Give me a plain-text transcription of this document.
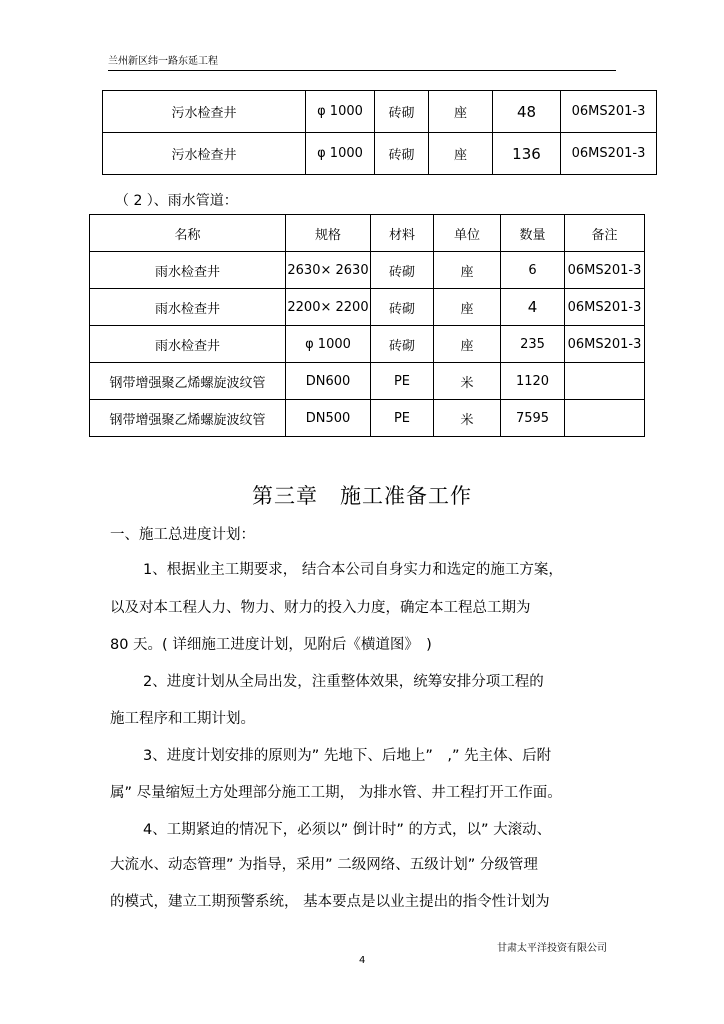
兰州新区纬一路东延工程
污水检查井	φ 1000	砖砌	座	48	06MS201-3
污水检查井	φ 1000	砖砌	座	136	06MS201-3
（ 2 ）、雨水管道：
名称	规格	材料	单位	数量	备注
雨水检查井	2630× 2630	砖砌	座	6	06MS201-3
雨水检查井	2200× 2200	砖砌	座	4	06MS201-3
雨水检查井	φ 1000	砖砌	座	235	06MS201-3
钢带增强聚乙烯螺旋波纹管	DN600	PE	米	1120	
钢带增强聚乙烯螺旋波纹管	DN500	PE	米	7595	
第三章　施工准备工作
一、施工总进度计划：
1、根据业主工期要求， 结合本公司自身实力和选定的施工方案，
以及对本工程人力、物力、财力的投入力度，确定本工程总工期为
80 天。( 详细施工进度计划，见附后《横道图》　)
2、进度计划从全局出发，注重整体效果，统筹安排分项工程的
施工程序和工期计划。
3、进度计划安排的原则为” 先地下、后地上”　,” 先主体、后附
属” 尽量缩短土方处理部分施工工期， 为排水管、井工程打开工作面。
4、工期紧迫的情况下，必须以” 倒计时” 的方式，以” 大滚动、
大流水、动态管理” 为指导，采用” 二级网络、五级计划” 分级管理
的模式，建立工期预警系统， 基本要点是以业主提出的指令性计划为
甘肃太平洋投资有限公司
4
